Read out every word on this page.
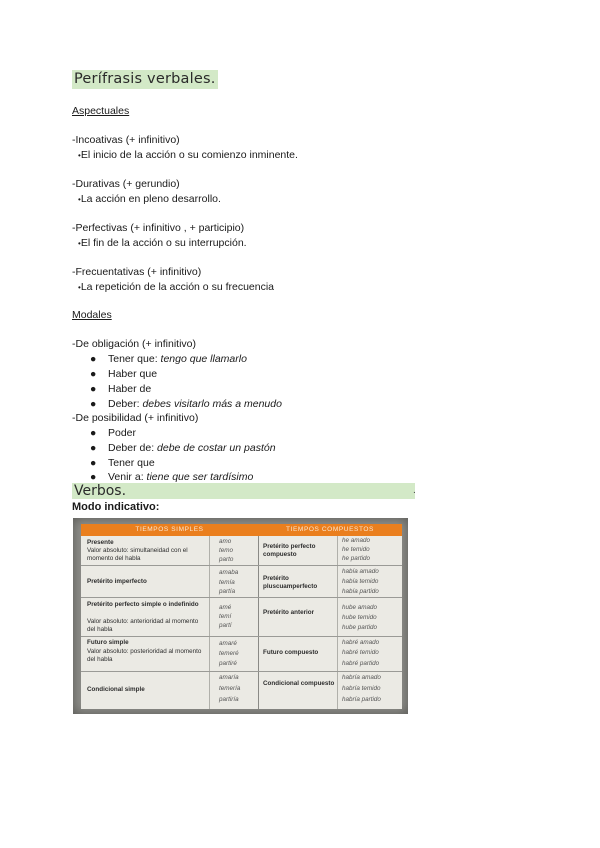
Perífrasis verbales.
Aspectuales
-Incoativas (+ infinitivo)
•El inicio de la acción o su comienzo inminente.
-Durativas (+ gerundio)
•La acción en pleno desarrollo.
-Perfectivas (+ infinitivo , + participio)
•El fin de la acción o su interrupción.
-Frecuentativas (+ infinitivo)
•La repetición de la acción o su frecuencia
Modales
-De obligación (+ infinitivo)
● Tener que: tengo que llamarlo
● Haber que
● Haber de
● Deber: debes visitarlo más a menudo
-De posibilidad (+ infinitivo)
● Poder
● Deber de: debe de costar un pastón
● Tener que
● Venir a: tiene que ser tardísimo
Verbos.	.
Modo indicativo:
TIEMPOS SIMPLES	TIEMPOS COMPUESTOS
Presente
Valor absoluto: simultaneidad con el momento del habla
amo
temo
parto
Pretérito imperfecto
amaba
temía
partía
Pretérito perfecto simple o indefinido
Valor absoluto: anterioridad al momento del habla
amé
temí
partí
Futuro simple
Valor absoluto: posterioridad al momento del habla
amaré
temeré
partiré
Condicional simple
amaría
temería
partiría
Pretérito perfecto compuesto
he amado
he temido
he partido
Pretérito pluscuamperfecto
había amado
había temido
había partido
Pretérito anterior
hube amado
hube temido
hube partido
Futuro compuesto
habré amado
habré temido
habré partido
Condicional compuesto
habría amado
habría temido
habría partido
